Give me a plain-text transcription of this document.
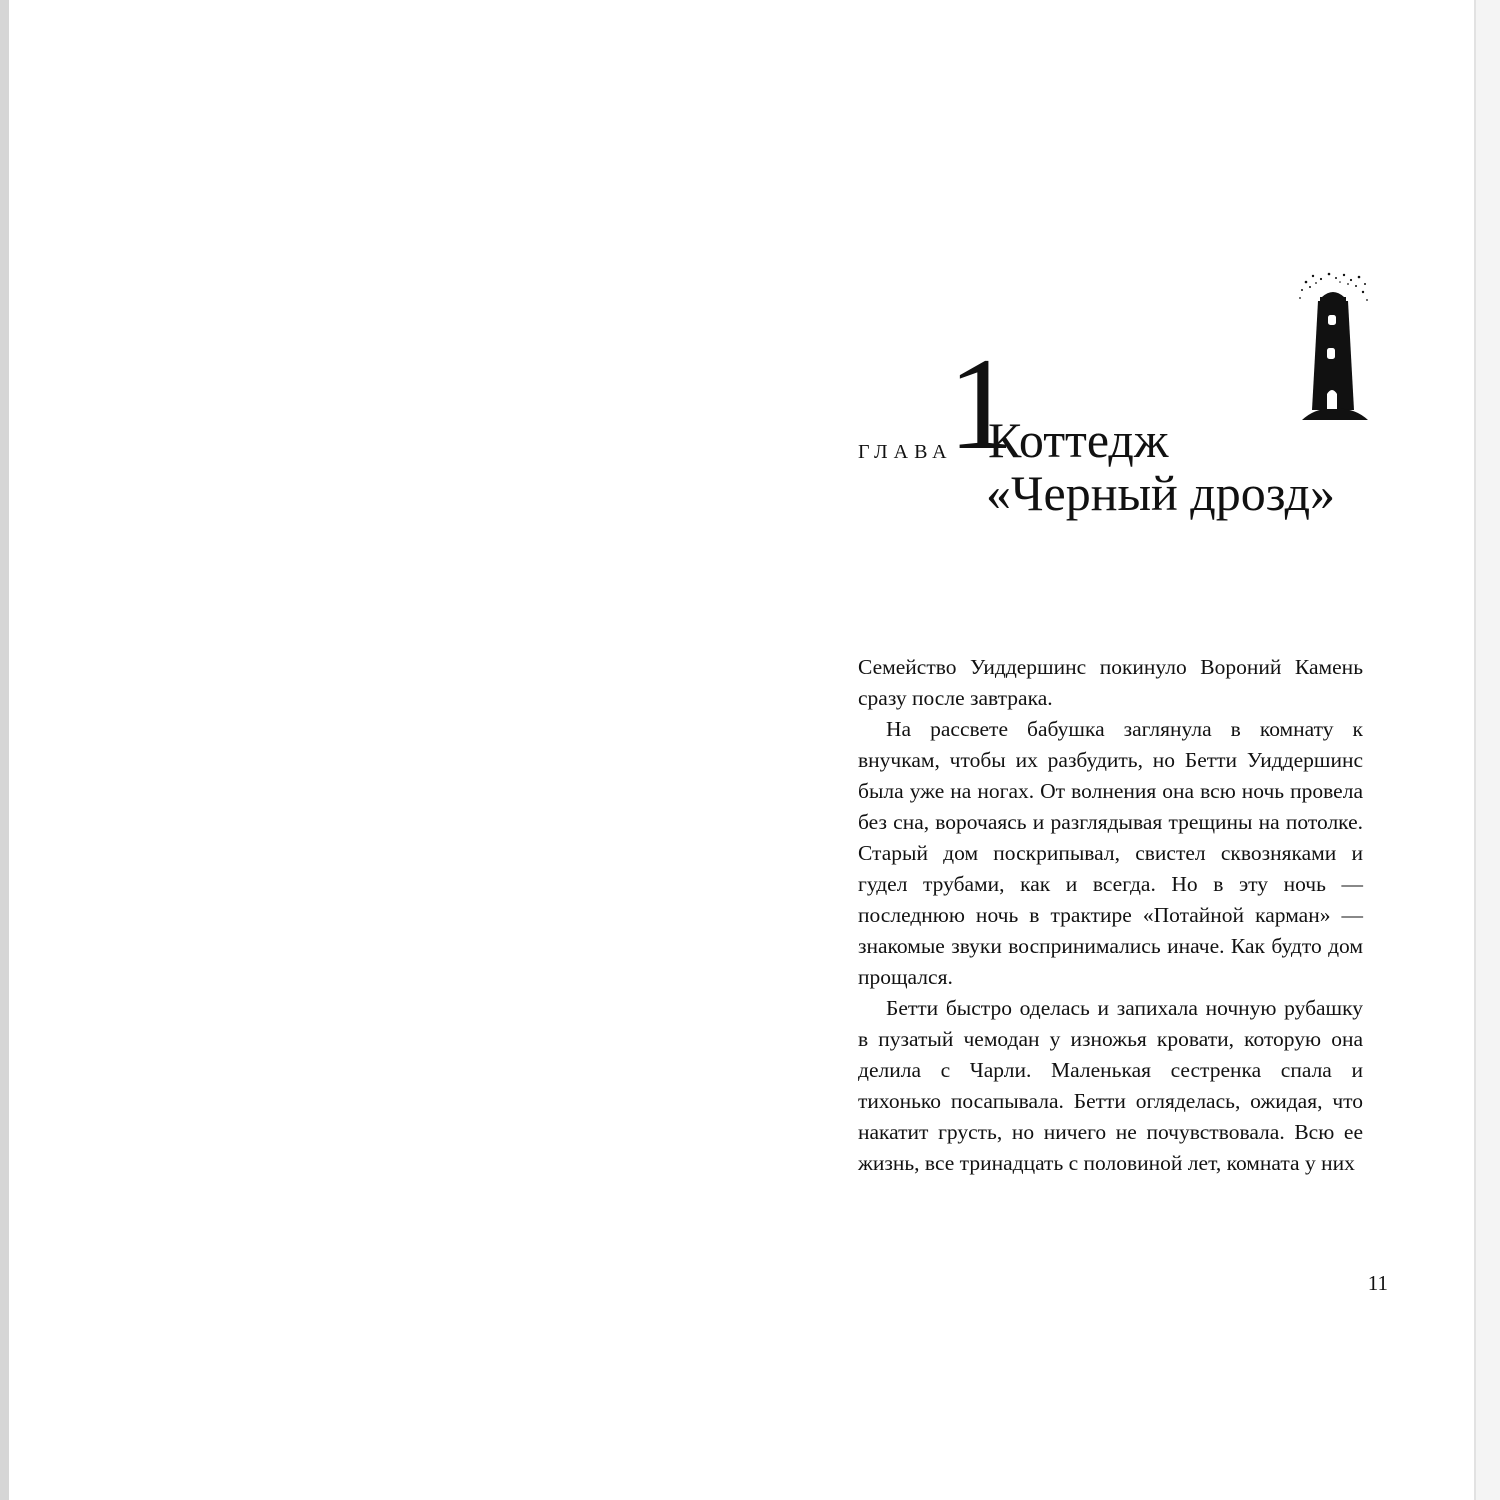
ГЛАВА
1
Коттедж
«Черный дрозд»

Семейство Уиддершинс покинуло Вороний Камень сразу после завтрака.

На рассвете бабушка заглянула в комнату к внучкам, чтобы их разбудить, но Бетти Уиддершинс была уже на ногах. От волнения она всю ночь провела без сна, ворочаясь и разглядывая трещины на потолке. Старый дом поскрипывал, свистел сквозняками и гудел трубами, как и всегда. Но в эту ночь — последнюю ночь в трактире «Потайной карман» — знакомые звуки воспринимались иначе. Как будто дом прощался.

Бетти быстро оделась и запихала ночную рубашку в пузатый чемодан у изножья кровати, которую она делила с Чарли. Маленькая сестренка спала и тихонько посапывала. Бетти огляделась, ожидая, что накатит грусть, но ничего не почувствовала. Всю ее жизнь, все тринадцать с половиной лет, комната у них

11
